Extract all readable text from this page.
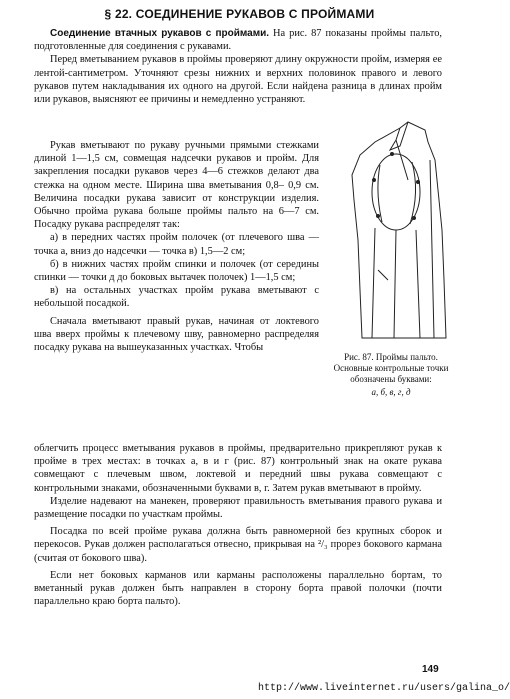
§ 22. СОЕДИНЕНИЕ РУКАВОВ С ПРОЙМАМИ

Соединение втачных рукавов с проймами. На рис. 87 показаны проймы пальто, подготовленные для соединения с рукавами.

Перед вметыванием рукавов в проймы проверяют длину окружности пройм, измеряя ее лентой-сантиметром. Уточняют срезы нижних и верхних половинок правого и левого рукавов путем накладывания их одного на другой. Если найдена разница в длинах пройм или рукавов, выясняют ее причины и немедленно устраняют.

Рукав вметывают по рукаву ручными прямыми стежками длиной 1—1,5 см, совмещая надсечки рукавов и пройм. Для закрепления посадки рукавов через 4—6 стежков делают два стежка на одном месте. Ширина шва вметывания 0,8– 0,9 см. Величина посадки рукава зависит от конструкции изделия. Обычно пройма рукава больше проймы пальто на 6—7 см. Посадку рукава распределят так:

а) в передних частях пройм полочек (от плечевого шва — точка а, вниз до надсечки — точка в) 1,5—2 см;

б) в нижних частях пройм спинки и полочек (от середины спинки — точки д до боковых вытачек полочек) 1—1,5 см;

в) на остальных участках пройм рукава вметывают с небольшой посадкой.

Сначала вметывают правый рукав, начиная от локтевого шва вверх проймы к плечевому шву, равномерно распределяя посадку рукава на вышеуказанных участках. Чтобы

Рис. 87. Проймы пальто. Основные контрольные точки обозначены буквами:
а, б, в, г, д

облегчить процесс вметывания рукавов в проймы, предварительно прикрепляют рукав к пройме в трех местах: в точках а, в и г (рис. 87) контрольный знак на окате рукава совмещают с плечевым швом, локтевой и передний швы рукава совмещают с контрольными знаками, обозначенными буквами в, г. Затем рукав вметывают в пройму.

Изделие надевают на манекен, проверяют правильность вметывания правого рукава и размещение посадки по участкам проймы.

Посадка по всей пройме рукава должна быть равномерной без крупных сборок и перекосов. Рукав должен располагаться отвесно, прикрывая на ²/₃ прорез бокового кармана (считая от бокового шва).

Если нет боковых карманов или карманы расположены параллельно бортам, то вметанный рукав должен быть направлен в сторону борта правой полочки (почти параллельно краю борта пальто).

149
http://www.liveinternet.ru/users/galina_o/
